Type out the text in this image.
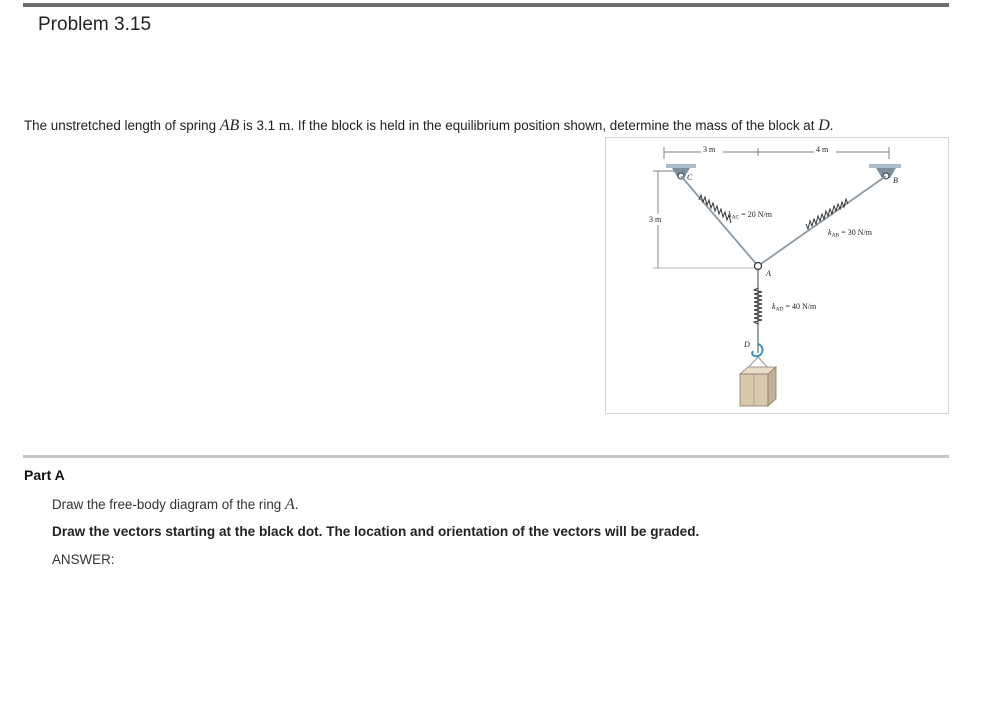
Problem 3.15
The unstretched length of spring AB is 3.1 m. If the block is held in the equilibrium position shown, determine the mass of the block at D.
3 m	4 m
3 m
C	B
A
D
kAC = 20 N/m
kAB = 30 N/m
kAD = 40 N/m
Part A
Draw the free-body diagram of the ring A.
Draw the vectors starting at the black dot. The location and orientation of the vectors will be graded.
ANSWER:
